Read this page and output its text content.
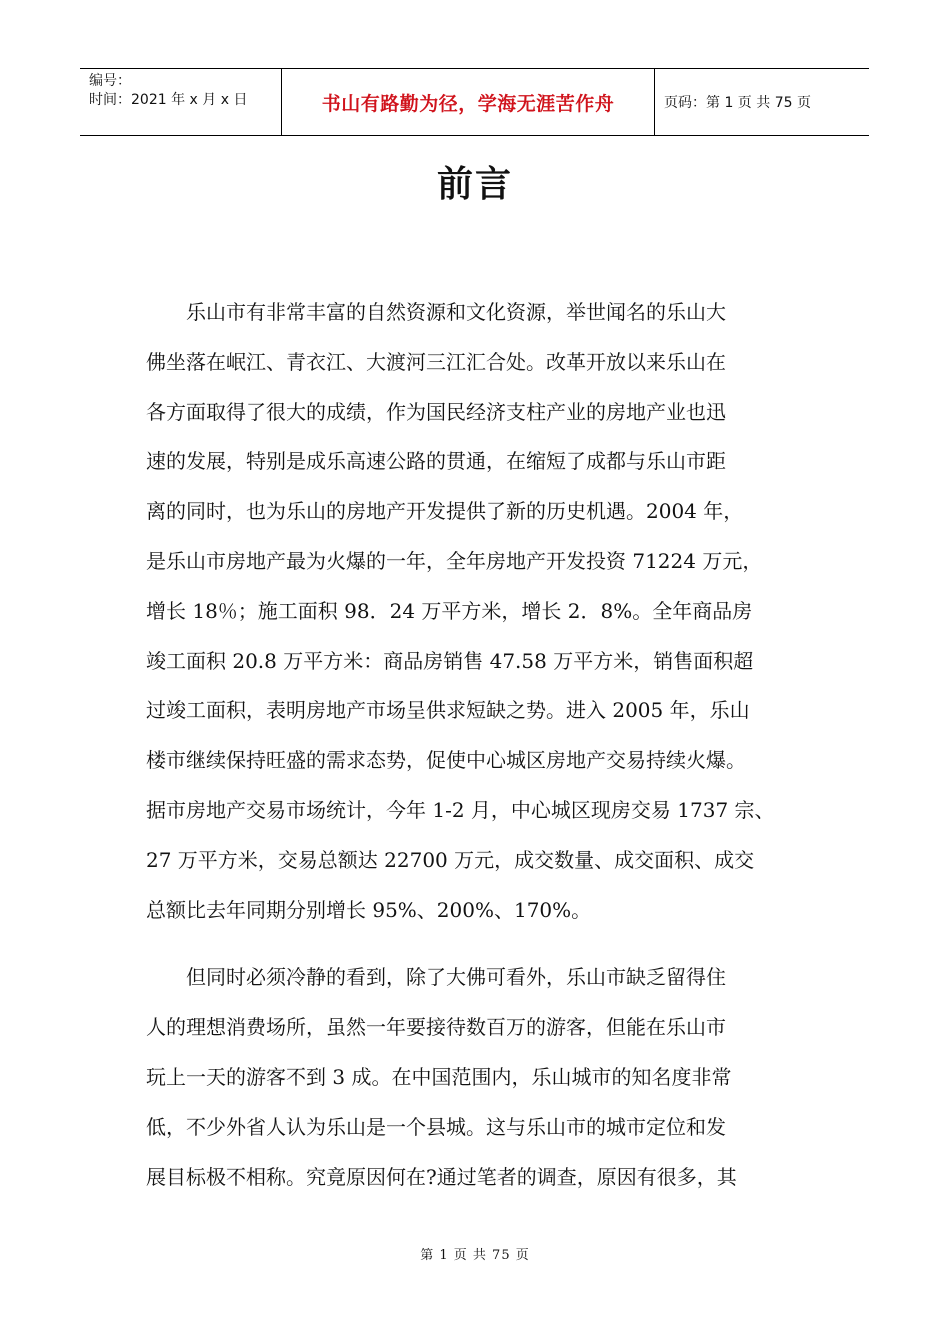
编号：
时间：2021 年 x 月 x 日	书山有路勤为径，学海无涯苦作舟	页码：第 1 页 共 75 页
前言
　　乐山市有非常丰富的自然资源和文化资源，举世闻名的乐山大
佛坐落在岷江、青衣江、大渡河三江汇合处。改革开放以来乐山在
各方面取得了很大的成绩，作为国民经济支柱产业的房地产业也迅
速的发展，特别是成乐高速公路的贯通，在缩短了成都与乐山市距
离的同时，也为乐山的房地产开发提供了新的历史机遇。2004 年，
是乐山市房地产最为火爆的一年，全年房地产开发投资 71224 万元，
增长 18％；施工面积 98．24 万平方米，增长 2．8%。全年商品房
竣工面积 20.8 万平方米：商品房销售 47.58 万平方米，销售面积超
过竣工面积，表明房地产市场呈供求短缺之势。进入 2005 年，乐山
楼市继续保持旺盛的需求态势，促使中心城区房地产交易持续火爆。
据市房地产交易市场统计，今年 1-2 月，中心城区现房交易 1737 宗、
27 万平方米，交易总额达 22700 万元，成交数量、成交面积、成交
总额比去年同期分别增长 95%、200%、170%。
　　但同时必须冷静的看到，除了大佛可看外，乐山市缺乏留得住
人的理想消费场所，虽然一年要接待数百万的游客，但能在乐山市
玩上一天的游客不到 3 成。在中国范围内，乐山城市的知名度非常
低，不少外省人认为乐山是一个县城。这与乐山市的城市定位和发
展目标极不相称。究竟原因何在?通过笔者的调查，原因有很多，其
第 1 页 共 75 页
